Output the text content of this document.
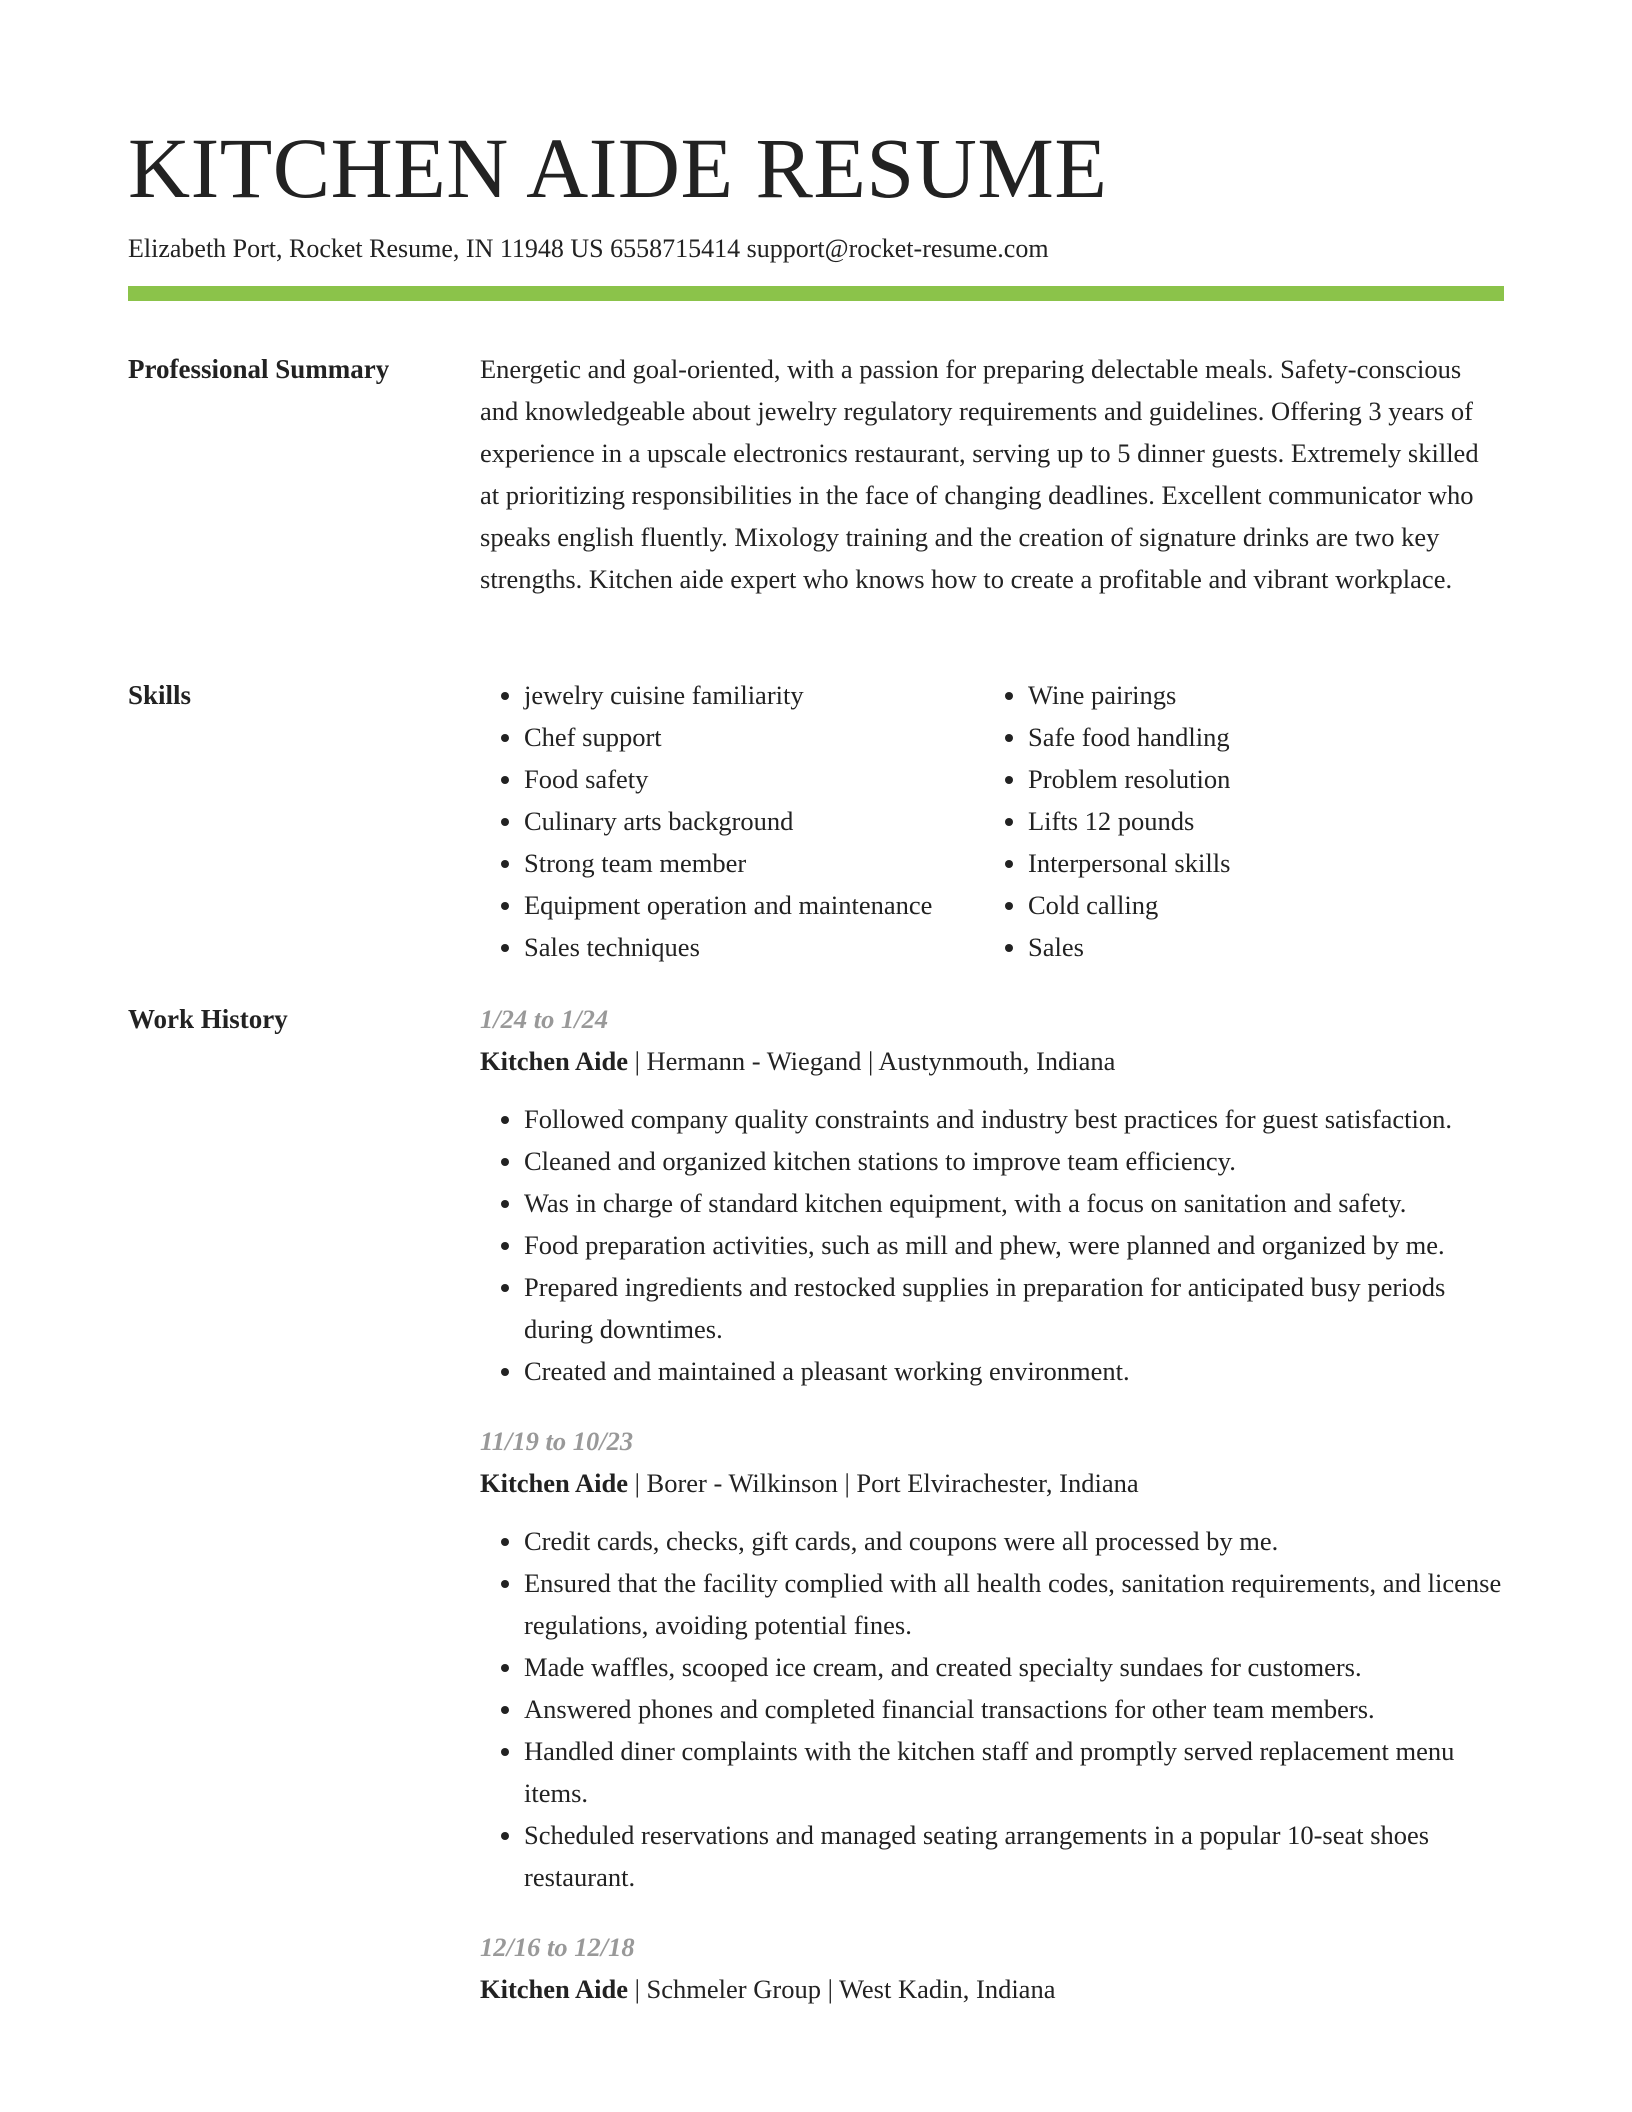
KITCHEN AIDE RESUME
Elizabeth Port, Rocket Resume, IN 11948 US 6558715414 support@rocket-resume.com
Professional Summary	Energetic and goal-oriented, with a passion for preparing delectable meals. Safety-conscious and knowledgeable about jewelry regulatory requirements and guidelines. Offering 3 years of experience in a upscale electronics restaurant, serving up to 5 dinner guests. Extremely skilled at prioritizing responsibilities in the face of changing deadlines. Excellent communicator who speaks english fluently. Mixology training and the creation of signature drinks are two key strengths. Kitchen aide expert who knows how to create a profitable and vibrant workplace.

Skills
•	jewelry cuisine familiarity
• Chef support
• Food safety
• Culinary arts background
• Strong team member
• Equipment operation and maintenance
• Sales techniques
• Wine pairings
• Safe food handling
• Problem resolution
• Lifts 12 pounds
• Interpersonal skills
• Cold calling
• Sales
Work History	1/24 to 1/24
Kitchen Aide | Hermann - Wiegand | Austynmouth, Indiana
• Followed company quality constraints and industry best practices for guest satisfaction.
• Cleaned and organized kitchen stations to improve team efficiency.
• Was in charge of standard kitchen equipment, with a focus on sanitation and safety.
• Food preparation activities, such as mill and phew, were planned and organized by me.
• Prepared ingredients and restocked supplies in preparation for anticipated busy periods during downtimes.
• Created and maintained a pleasant working environment.
11/19 to 10/23
Kitchen Aide | Borer - Wilkinson | Port Elvirachester, Indiana
• Credit cards, checks, gift cards, and coupons were all processed by me.
• Ensured that the facility complied with all health codes, sanitation requirements, and license regulations, avoiding potential fines.
• Made waffles, scooped ice cream, and created specialty sundaes for customers.
• Answered phones and completed financial transactions for other team members.
• Handled diner complaints with the kitchen staff and promptly served replacement menu items.
• Scheduled reservations and managed seating arrangements in a popular 10-seat shoes restaurant.
12/16 to 12/18
Kitchen Aide | Schmeler Group | West Kadin, Indiana
